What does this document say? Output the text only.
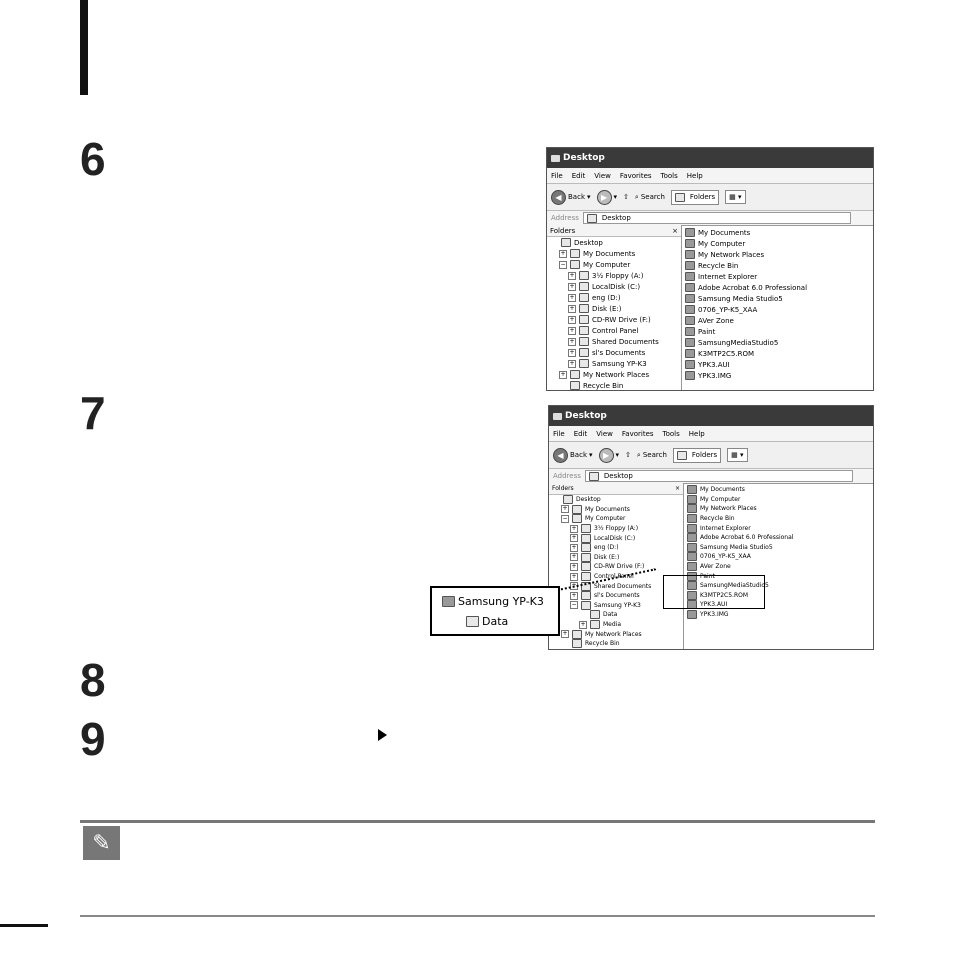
6
7
8
9
Desktop
File Edit View Favorites Tools Help
◀ Back ▾	▶ ▾ ⇧ ⌕ Search	Folders	▦ ▾
Address	Desktop
Folders	×
Desktop
+ My Documents
− My Computer
+ 3½ Floppy (A:)
+ LocalDisk (C:)
+ eng (D:)
+ Disk (E:)
+ CD-RW Drive (F:)
+ Control Panel
+ Shared Documents
+ sl's Documents
+ Samsung YP-K3
+ My Network Places
Recycle Bin
My Documents
My Computer
My Network Places
Recycle Bin
Internet Explorer
Adobe Acrobat 6.0 Professional
Samsung Media Studio5
0706_YP-K5_XAA
AVer Zone
Paint
SamsungMediaStudio5
K3MTP2C5.ROM
YPK3.AUI
YPK3.IMG
Desktop
File Edit View Favorites Tools Help
◀ Back ▾	▶ ▾ ⇧ ⌕ Search	Folders	▦ ▾
Address	Desktop
Folders	×
Desktop
+	My Documents
−	My Computer
+	3½ Floppy (A:)
+	LocalDisk (C:)
+	eng (D:)
+	Disk (E:)
+	CD-RW Drive (F:)
+	Control Panel
+	Shared Documents
+	sl's Documents
−	Samsung YP-K3
Data
+	Media
+	My Network Places
Recycle Bin
My Documents
My Computer
My Network Places
Recycle Bin
Internet Explorer
Adobe Acrobat 6.0 Professional
Samsung Media Studio5
0706_YP-K5_XAA
AVer Zone
Paint
SamsungMediaStudio5
K3MTP2C5.ROM
YPK3.AUI
YPK3.IMG
Samsung YP-K3
Data
✎
